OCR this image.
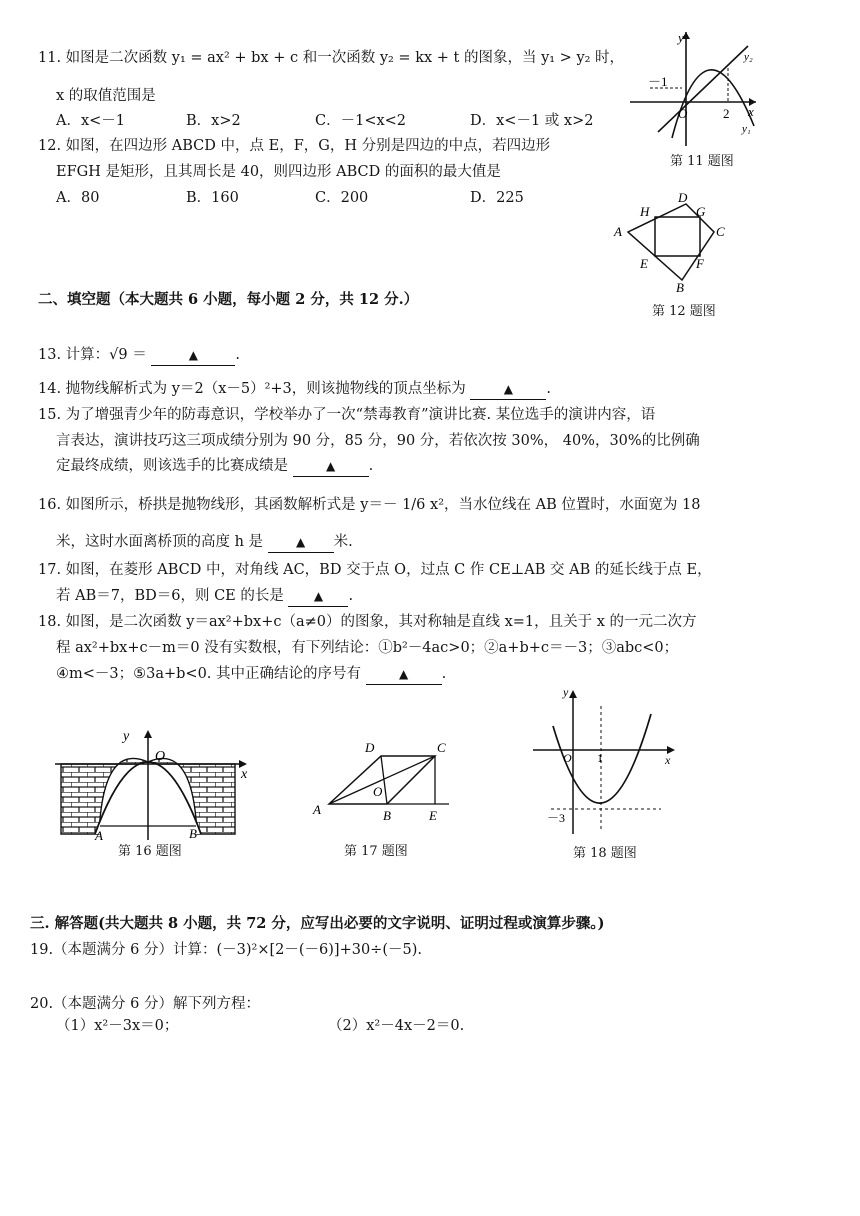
11. 如图是二次函数 y₁ = ax² + bx + c 和一次函数 y₂ = kx + t 的图象，当 y₁ > y₂ 时，
x 的取值范围是
A．x<－1	B．x>2	C．－1<x<2	D．x<－1 或 x>2
y
x
O
－1
2
y₂
y₁
第 11 题图
12. 如图，在四边形 ABCD 中，点 E，F，G，H 分别是四边的中点，若四边形
EFGH 是矩形，且其周长是 40，则四边形 ABCD 的面积的最大值是
A．80	B．160	C．200	D．225
A
D
C
B
H	G
E	F
第 12 题图
二、填空题（本大题共 6 小题，每小题 2 分，共 12 分.）
13. 计算：√9 ＝	▲	.
14. 抛物线解析式为 y＝2（x－5）²+3，则该抛物线的顶点坐标为	▲ .
15. 为了增强青少年的防毒意识，学校举办了一次“禁毒教育”演讲比赛. 某位选手的演讲内容，语
言表达，演讲技巧这三项成绩分别为 90 分，85 分，90 分，若依次按 30%， 40%，30%的比例确
定最终成绩，则该选手的比赛成绩是	▲ .
16. 如图所示，桥拱是抛物线形，其函数解析式是 y＝－ 1/6 x²，当水位线在 AB 位置时，水面宽为 18
米，这时水面离桥顶的高度 h 是	▲ 米.
17. 如图，在菱形 ABCD 中，对角线 AC，BD 交于点 O，过点 C 作 CE⊥AB 交 AB 的延长线于点 E，
若 AB＝7，BD＝6，则 CE 的长是 ▲ .
18. 如图，是二次函数 y＝ax²+bx+c（a≠0）的图象，其对称轴是直线 x=1，且关于 x 的一元二次方
程 ax²+bx+c－m＝0 没有实数根，有下列结论：①b²－4ac>0；②a+b+c＝－3；③abc<0；
④m<－3；⑤3a+b<0. 其中正确结论的序号有	▲ .
y
x
O
A	B
第 16 题图
A
D	C
B	E
O
第 17 题图
y
x
O 1
－3
第 18 题图
三. 解答题(共大题共 8 小题，共 72 分，应写出必要的文字说明、证明过程或演算步骤。)
19.（本题满分 6 分）计算：(－3)²×[2－(－6)]+30÷(－5).
20.（本题满分 6 分）解下列方程：
（1）x²－3x＝0；	（2）x²－4x－2＝0.
